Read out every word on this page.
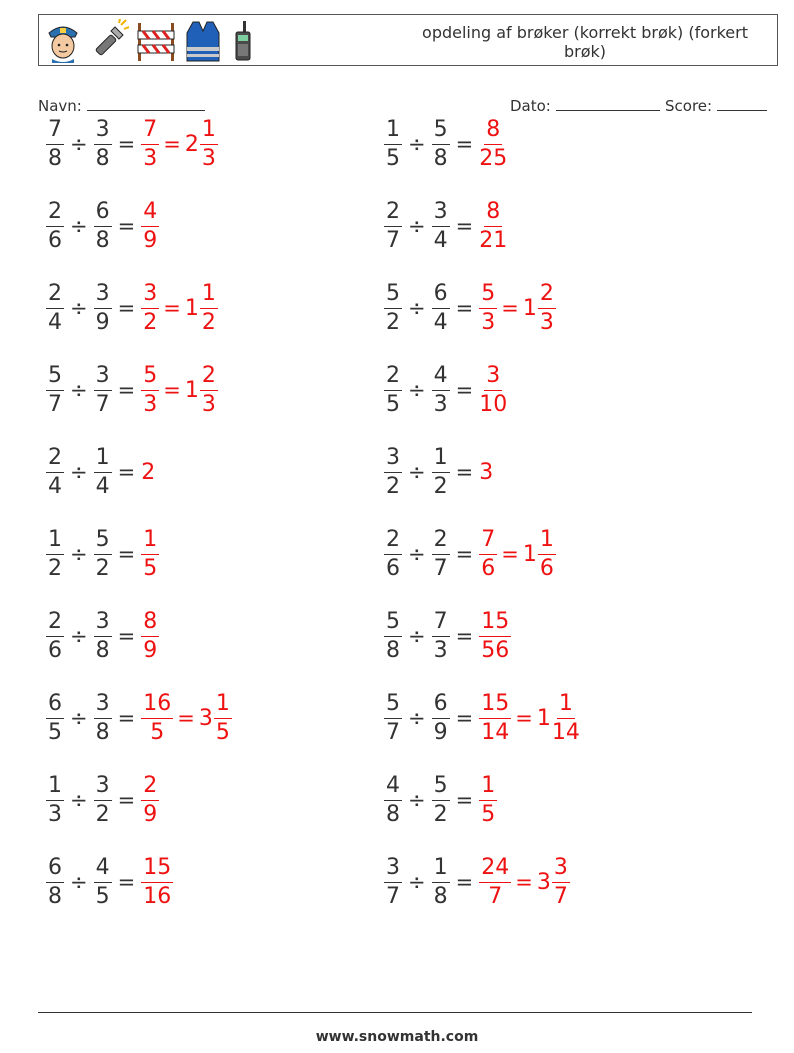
opdeling af brøker (korrekt brøk) (forkert brøk)
Navn:	Dato:	Score:
$\frac{7}{8} \div \frac{3}{8} = \frac{7}{3} = 2 \frac{1}{3}$	$\frac{1}{5} \div \frac{5}{8} = \frac{8}{25}$
$\frac{2}{6} \div \frac{6}{8} = \frac{4}{9}$	$\frac{2}{7} \div \frac{3}{4} = \frac{8}{21}$
$\frac{2}{4} \div \frac{3}{9} = \frac{3}{2} = 1 \frac{1}{2}$	$\frac{5}{2} \div \frac{6}{4} = \frac{5}{3} = 1 \frac{2}{3}$
$\frac{5}{7} \div \frac{3}{7} = \frac{5}{3} = 1 \frac{2}{3}$	$\frac{2}{5} \div \frac{4}{3} = \frac{3}{10}$
$\frac{2}{4} \div \frac{1}{4} = 2$	$\frac{3}{2} \div \frac{1}{2} = 3$
$\frac{1}{2} \div \frac{5}{2} = \frac{1}{5}$	$\frac{2}{6} \div \frac{2}{7} = \frac{7}{6} = 1 \frac{1}{6}$
$\frac{2}{6} \div \frac{3}{8} = \frac{8}{9}$	$\frac{5}{8} \div \frac{7}{3} = \frac{15}{56}$
$\frac{6}{5} \div \frac{3}{8} = \frac{16}{5} = 3 \frac{1}{5}$	$\frac{5}{7} \div \frac{6}{9} = \frac{15}{14} = 1 \frac{1}{14}$
$\frac{1}{3} \div \frac{3}{2} = \frac{2}{9}$	$\frac{4}{8} \div \frac{5}{2} = \frac{1}{5}$
$\frac{6}{8} \div \frac{4}{5} = \frac{15}{16}$	$\frac{3}{7} \div \frac{1}{8} = \frac{24}{7} = 3 \frac{3}{7}$
www.snowmath.com
